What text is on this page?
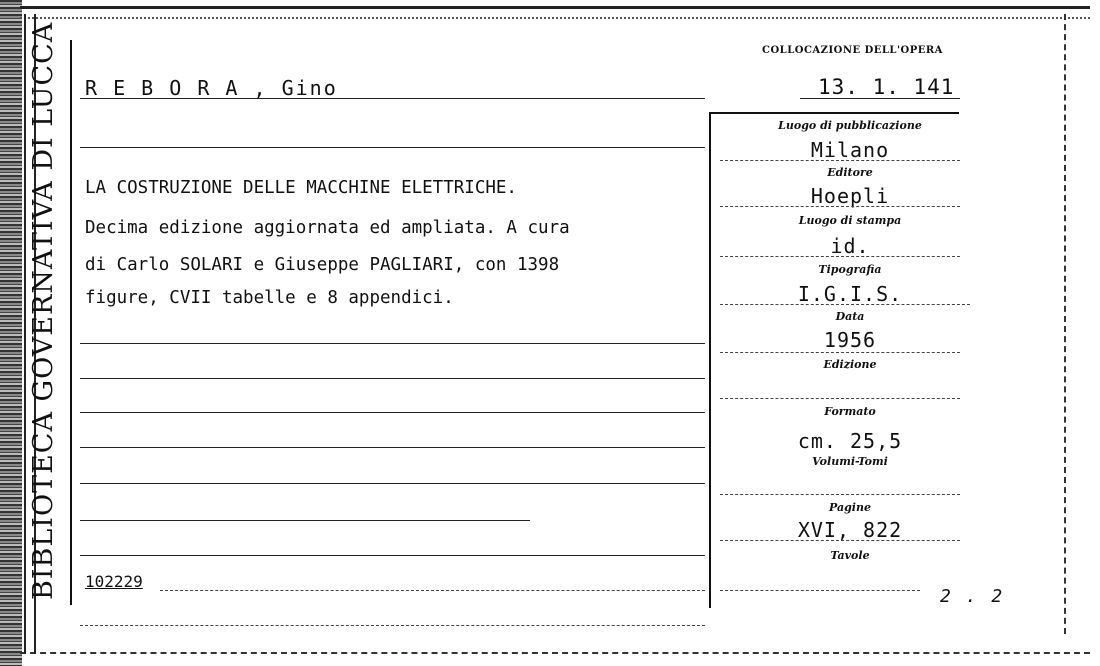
BIBLIOTECA GOVERNATIVA DI LUCCA	COLLOCAZIONE DELL'OPERA
R E B O R A , Gino	13. 1. 141
LA COSTRUZIONE DELLE MACCHINE ELETTRICHE.
Decima edizione aggiornata ed ampliata. A cura
di Carlo SOLARI e Giuseppe PAGLIARI, con 1398
figure, CVII tabelle e 8 appendici.
102229
Luogo di pubblicazione
Milano
Editore
Hoepli
Luogo di stampa
id.
Tipografia
I.G.I.S.
Data
1956
Edizione
Formato
cm. 25,5
Volumi-Tomi
Pagine
XVI, 822
Tavole
2 . 2
